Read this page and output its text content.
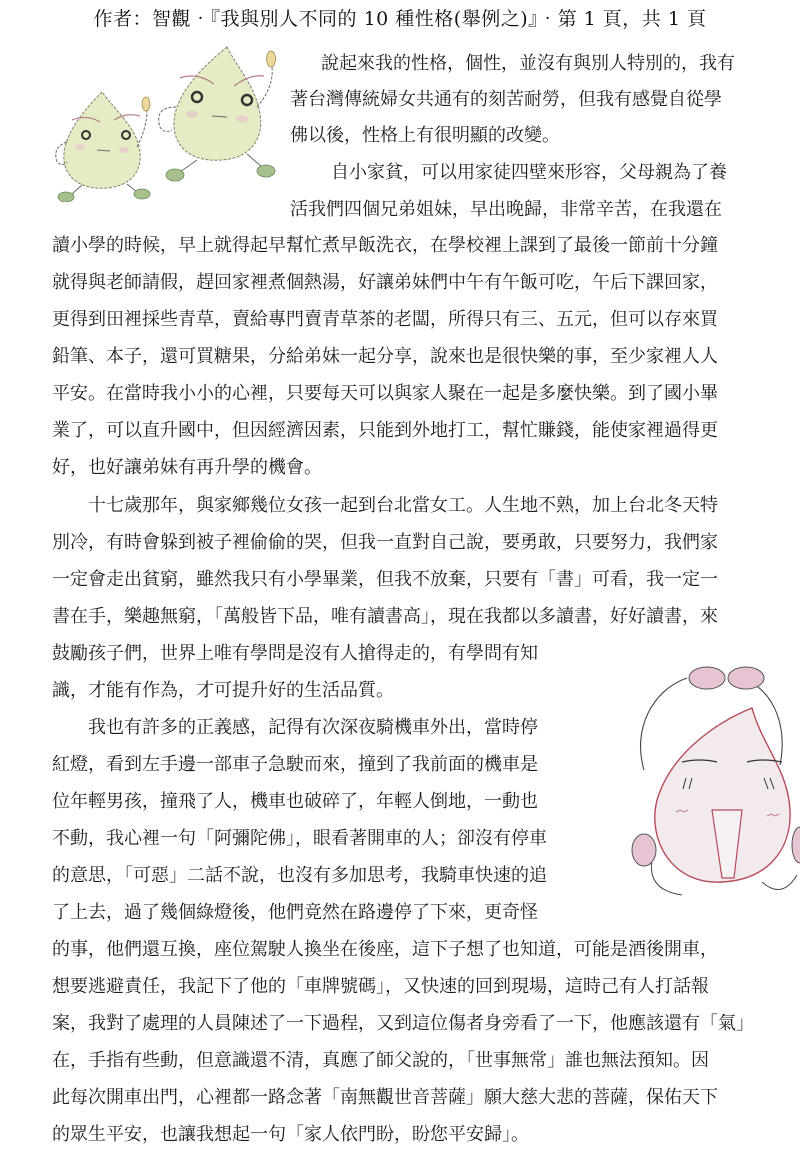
作者：智觀‧『我與別人不同的 10 種性格(舉例之)』‧第 1 頁，共 1 頁
說起來我的性格，個性，並沒有與別人特別的，我有
著台灣傳統婦女共通有的刻苦耐勞，但我有感覺自從學
佛以後，性格上有很明顯的改變。
自小家貧，可以用家徒四壁來形容，父母親為了養
活我們四個兄弟姐妹，早出晚歸，非常辛苦，在我還在
讀小學的時候，早上就得起早幫忙煮早飯洗衣，在學校裡上課到了最後一節前十分鐘
就得與老師請假，趕回家裡煮個熱湯，好讓弟妹們中午有午飯可吃，午后下課回家，
更得到田裡採些青草，賣給專門賣青草茶的老闆，所得只有三、五元，但可以存來買
鉛筆、本子，還可買糖果，分給弟妹一起分享，說來也是很快樂的事，至少家裡人人
平安。在當時我小小的心裡，只要每天可以與家人聚在一起是多麼快樂。到了國小畢
業了，可以直升國中，但因經濟因素，只能到外地打工，幫忙賺錢，能使家裡過得更
好，也好讓弟妹有再升學的機會。
十七歲那年，與家鄉幾位女孩一起到台北當女工。人生地不熟，加上台北冬天特
別冷，有時會躲到被子裡偷偷的哭，但我一直對自己說，要勇敢，只要努力，我們家
一定會走出貧窮，雖然我只有小學畢業，但我不放棄，只要有「書」可看，我一定一
書在手，樂趣無窮，「萬般皆下品，唯有讀書高」，現在我都以多讀書，好好讀書，來
鼓勵孩子們，世界上唯有學問是沒有人搶得走的，有學問有知
識，才能有作為，才可提升好的生活品質。
我也有許多的正義感，記得有次深夜騎機車外出，當時停
紅燈，看到左手邊一部車子急駛而來，撞到了我前面的機車是
位年輕男孩，撞飛了人，機車也破碎了，年輕人倒地，一動也
不動，我心裡一句「阿彌陀佛」，眼看著開車的人；卻沒有停車
的意思，「可惡」二話不說，也沒有多加思考，我騎車快速的追
了上去，過了幾個綠燈後，他們竟然在路邊停了下來，更奇怪
的事，他們還互換，座位駕駛人換坐在後座，這下子想了也知道，可能是酒後開車，
想要逃避責任，我記下了他的「車牌號碼」，又快速的回到現場，這時己有人打話報
案，我對了處理的人員陳述了一下過程，又到這位傷者身旁看了一下，他應該還有「氣」
在，手指有些動，但意識還不清，真應了師父說的，「世事無常」誰也無法預知。因
此每次開車出門，心裡都一路念著「南無觀世音菩薩」願大慈大悲的菩薩，保佑天下
的眾生平安，也讓我想起一句「家人依門盼，盼您平安歸」。
